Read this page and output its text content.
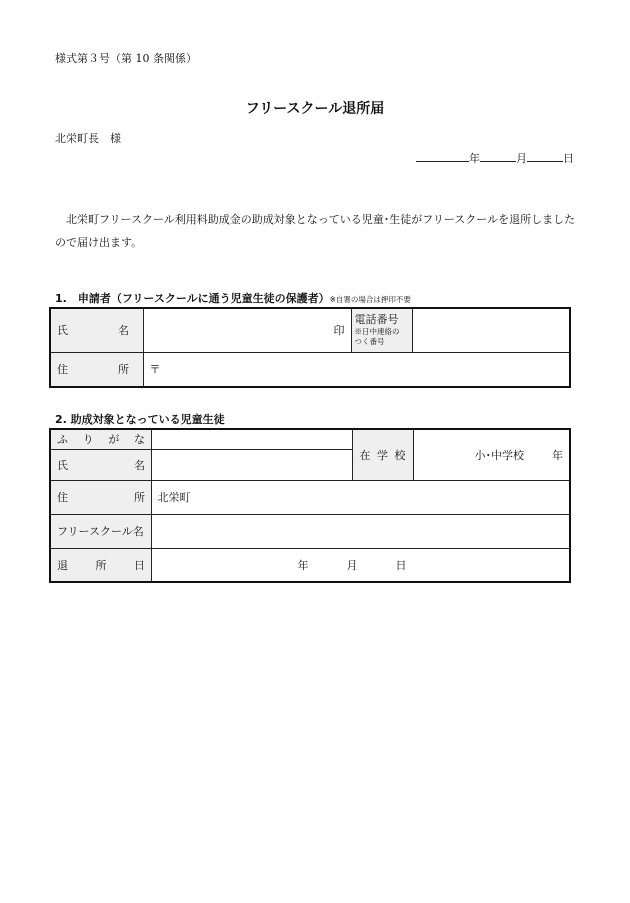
様式第３号（第 10 条関係）
フリースクール退所届
北栄町長　様
年	月	日
北栄町フリースクール利用料助成金の助成対象となっている児童･生徒がフリースクールを退所しましたので届け出ます。
1.　申請者（フリースクールに通う児童生徒の保護者）※自署の場合は押印不要
氏　名	印	電話番号
※日中連絡のつく番号	

住　所	〒		
2. 助成対象となっている児童生徒
ふりがな		在学校	小･中学校 年

氏　名			

住　所	北栄町		
フリースクール名			

退所日	年 月 日		
